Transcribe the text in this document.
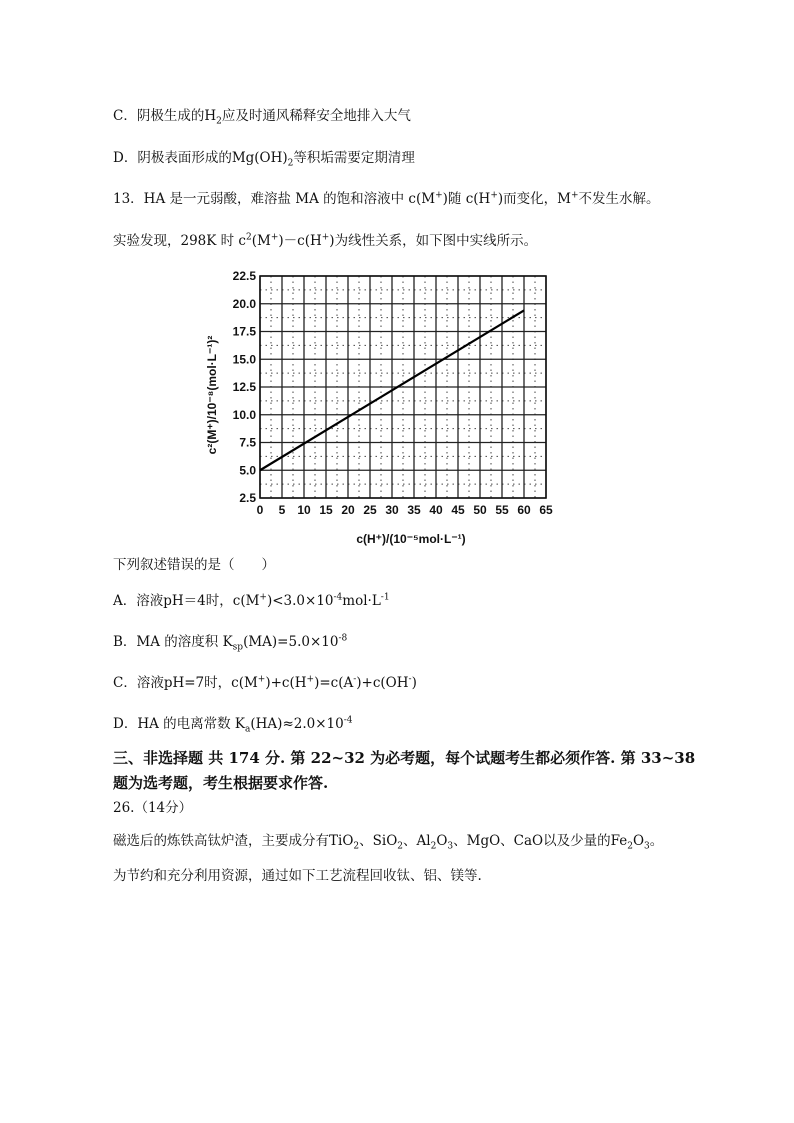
C．阴极生成的$H_2$应及时通风稀释安全地排入大气
D．阴极表面形成的$Mg(OH)_2$等积垢需要定期清理
13．HA 是一元弱酸，难溶盐 MA 的饱和溶液中 c(M+)随 c(H+)而变化，M+不发生水解。
实验发现，298K 时 $c^2(M^+)-c(H^+)$为线性关系，如下图中实线所示。
0 5 10 15 20 25 30 35 40 45 50 55 60 65
2.5
5.0
7.5
10.0
12.5
15.0
17.5
20.0
22.5
c(H⁺)/(10⁻⁵mol·L⁻¹)
c²(M⁺)/10⁻⁸(mol·L⁻¹)²
下列叙述错误的是（　　）
A．溶液pH＝4时，$c(M^+)<3.0\times 10^{-4}mol\cdot L^{-1}$
B．MA 的溶度积 $K_{sp}(MA)=5.0\times 10^{-8}$
C．溶液pH=7时，c(M+)+c(H+)=c(A-)+c(OH-)
D．HA 的电离常数 $K_a(HA)\approx 2.0\times 10^{-4}$
三、非选择题 共 174 分. 第 22~32 为必考题，每个试题考生都必须作答. 第 33~38
题为选考题，考生根据要求作答.
26.（14分）
磁选后的炼铁高钛炉渣，主要成分有TiO$_2$、SiO$_2$、$Al_2O_3$、MgO、CaO以及少量的$Fe_2O_3$。
为节约和充分利用资源，通过如下工艺流程回收钛、铝、镁等.
